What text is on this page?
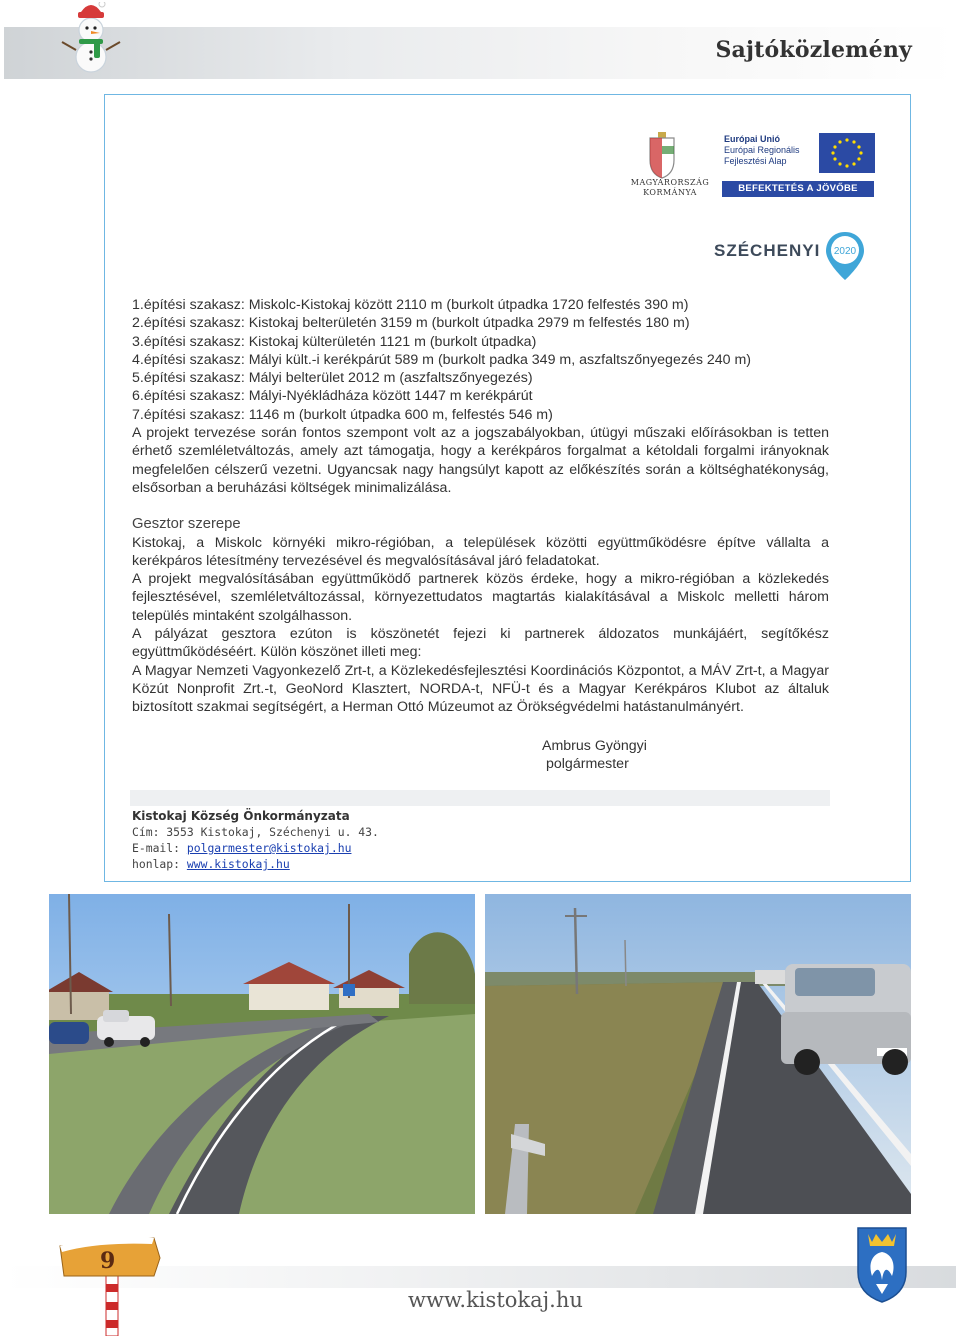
Sajtóközlemény
MAGYARORSZÁG
KORMÁNYA
Európai Unió
Európai Regionális
Fejlesztési Alap
BEFEKTETÉS A JÖVŐBE
SZÉCHENYI 2020

1.építési szakasz: Miskolc-Kistokaj között 2110 m (burkolt útpadka 1720 felfestés 390 m)

2.építési szakasz: Kistokaj belterületén 3159 m (burkolt útpadka 2979 m felfestés 180 m)

3.építési szakasz: Kistokaj külterületén 1121 m (burkolt útpadka)

4.építési szakasz: Mályi kült.-i kerékpárút 589 m (burkolt padka 349 m, aszfaltszőnyegezés 240 m)

5.építési szakasz: Mályi belterület 2012 m (aszfaltszőnyegezés)

6.építési szakasz: Mályi-Nyékládháza között 1447 m kerékpárút

7.építési szakasz: 1146 m (burkolt útpadka 600 m, felfestés 546 m)

A projekt tervezése során fontos szempont volt az a jogszabályokban, útügyi műszaki előírásokban is tetten érhető szemléletváltozás, amely azt támogatja, hogy a kerékpáros forgalmat a kétoldali forgalmi irányoknak megfelelően célszerű vezetni. Ugyancsak nagy hangsúlyt kapott az előkészítés során a költséghatékonyság, elsősorban a beruházási költségek minimalizálása.

Gesztor szerepe

Kistokaj, a Miskolc környéki mikro-régióban, a települések közötti együttműködésre építve vállalta a kerékpáros létesítmény tervezésével és megvalósításával járó feladatokat.

A projekt megvalósításában együttműködő partnerek közös érdeke, hogy a mikro-régióban a közlekedés fejlesztésével, szemléletváltozással, környezettudatos magtartás kialakításával a Miskolc melletti három település mintaként szolgálhasson.

A pályázat gesztora ezúton is köszönetét fejezi ki partnerek áldozatos munkájáért, segítőkész együttműködéséért. Külön köszönet illeti meg:

A Magyar Nemzeti Vagyonkezelő Zrt-t, a Közlekedésfejlesztési Koordinációs Központot, a MÁV Zrt-t, a Magyar Közút Nonprofit Zrt.-t, GeoNord Klasztert, NORDA-t, NFÜ-t és a Magyar Kerékpáros Klubot az általuk biztosított szakmai segítségért, a Herman Ottó Múzeumot az Örökségvédelmi hatástanulmányért.

Ambrus Gyöngyi
polgármester
Kistokaj Község Önkormányzata
Cím: 3553 Kistokaj, Széchenyi u. 43.
E-mail: polgarmester@kistokaj.hu
honlap: www.kistokaj.hu
9
www.kistokaj.hu
